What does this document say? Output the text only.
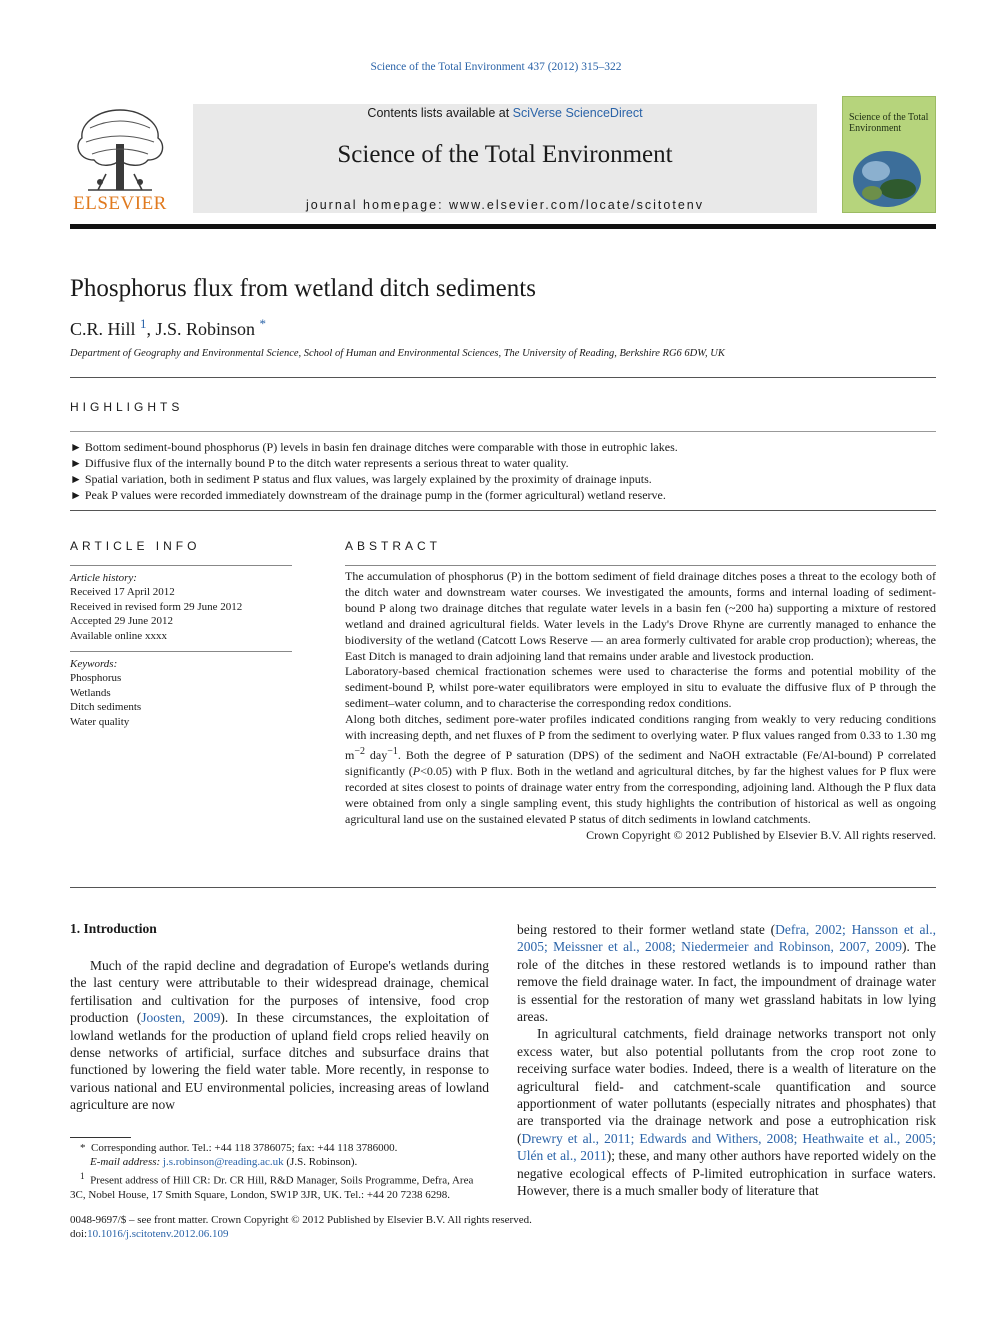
Science of the Total Environment 437 (2012) 315–322
ELSEVIER
Contents lists available at SciVerse ScienceDirect
Science of the Total Environment
journal homepage: www.elsevier.com/locate/scitotenv
Science of the Total Environment
Phosphorus flux from wetland ditch sediments
C.R. Hill $^1$, J.S. Robinson *
Department of Geography and Environmental Science, School of Human and Environmental Sciences, The University of Reading, Berkshire RG6 6DW, UK
HIGHLIGHTS
► Bottom sediment-bound phosphorus (P) levels in basin fen drainage ditches were comparable with those in eutrophic lakes.
► Diffusive flux of the internally bound P to the ditch water represents a serious threat to water quality.
► Spatial variation, both in sediment P status and flux values, was largely explained by the proximity of drainage inputs.
► Peak P values were recorded immediately downstream of the drainage pump in the (former agricultural) wetland reserve.
ARTICLE INFO
Article history:
Received 17 April 2012
Received in revised form 29 June 2012
Accepted 29 June 2012
Available online xxxx
Keywords:
Phosphorus
Wetlands
Ditch sediments
Water quality
ABSTRACT

The accumulation of phosphorus (P) in the bottom sediment of field drainage ditches poses a threat to the ecology both of the ditch water and downstream water courses. We investigated the amounts, forms and internal loading of sediment-bound P along two drainage ditches that regulate water levels in a basin fen (~200 ha) supporting a mixture of restored wetland and drained agricultural fields. Water levels in the Lady's Drove Rhyne are currently managed to enhance the biodiversity of the wetland (Catcott Lows Reserve — an area formerly cultivated for arable crop production); whereas, the East Ditch is managed to drain adjoining land that remains under arable and livestock production.

Laboratory-based chemical fractionation schemes were used to characterise the forms and potential mobility of the sediment-bound P, whilst pore-water equilibrators were employed in situ to evaluate the diffusive flux of P through the sediment–water column, and to characterise the corresponding redox conditions.

Along both ditches, sediment pore-water profiles indicated conditions ranging from weakly to very reducing conditions with increasing depth, and net fluxes of P from the sediment to overlying water. P flux values ranged from 0.33 to 1.30 mg $m^{-2}$ day$^{-1}$. Both the degree of P saturation (DPS) of the sediment and NaOH extractable (Fe/Al-bound) P correlated significantly (P<0.05) with P flux. Both in the wetland and agricultural ditches, by far the highest values for P flux were recorded at sites closest to points of drainage water entry from the corresponding, adjoining land. Although the P flux data were obtained from only a single sampling event, this study highlights the contribution of historical as well as ongoing agricultural land use on the sustained elevated P status of ditch sediments in lowland catchments.

Crown Copyright © 2012 Published by Elsevier B.V. All rights reserved.

1. Introduction

Much of the rapid decline and degradation of Europe's wetlands during the last century were attributable to their widespread drainage, chemical fertilisation and cultivation for the purposes of intensive, food crop production (Joosten, 2009). In these circumstances, the exploitation of lowland wetlands for the production of upland field crops relied heavily on dense networks of artificial, surface ditches and subsurface drains that functioned by lowering the field water table. More recently, in response to various national and EU environmental policies, increasing areas of lowland agriculture are now

being restored to their former wetland state (Defra, 2002; Hansson et al., 2005; Meissner et al., 2008; Niedermeier and Robinson, 2007, 2009). The role of the ditches in these restored wetlands is to impound rather than remove the field drainage water. In fact, the impoundment of drainage water is essential for the restoration of many wet grassland habitats in low lying areas.

In agricultural catchments, field drainage networks transport not only excess water, but also potential pollutants from the crop root zone to receiving surface water bodies. Indeed, there is a wealth of literature on the agricultural field- and catchment-scale quantification and source apportionment of water pollutants (especially nitrates and phosphates) that are transported via the drainage network and pose a eutrophication risk (Drewry et al., 2011; Edwards and Withers, 2008; Heathwaite et al., 2005; Ulén et al., 2011); these, and many other authors have reported widely on the negative ecological effects of P-limited eutrophication in surface waters. However, there is a much smaller body of literature that

* Corresponding author. Tel.: +44 118 3786075; fax: +44 118 3786000.
E-mail address: j.s.robinson@reading.ac.uk (J.S. Robinson).
$^1$ Present address of Hill CR: Dr. CR Hill, R&D Manager, Soils Programme, Defra, Area 3C, Nobel House, 17 Smith Square, London, SW1P 3JR, UK. Tel.: +44 20 7238 6298.
0048-9697/$ – see front matter. Crown Copyright © 2012 Published by Elsevier B.V. All rights reserved.
doi:10.1016/j.scitotenv.2012.06.109
